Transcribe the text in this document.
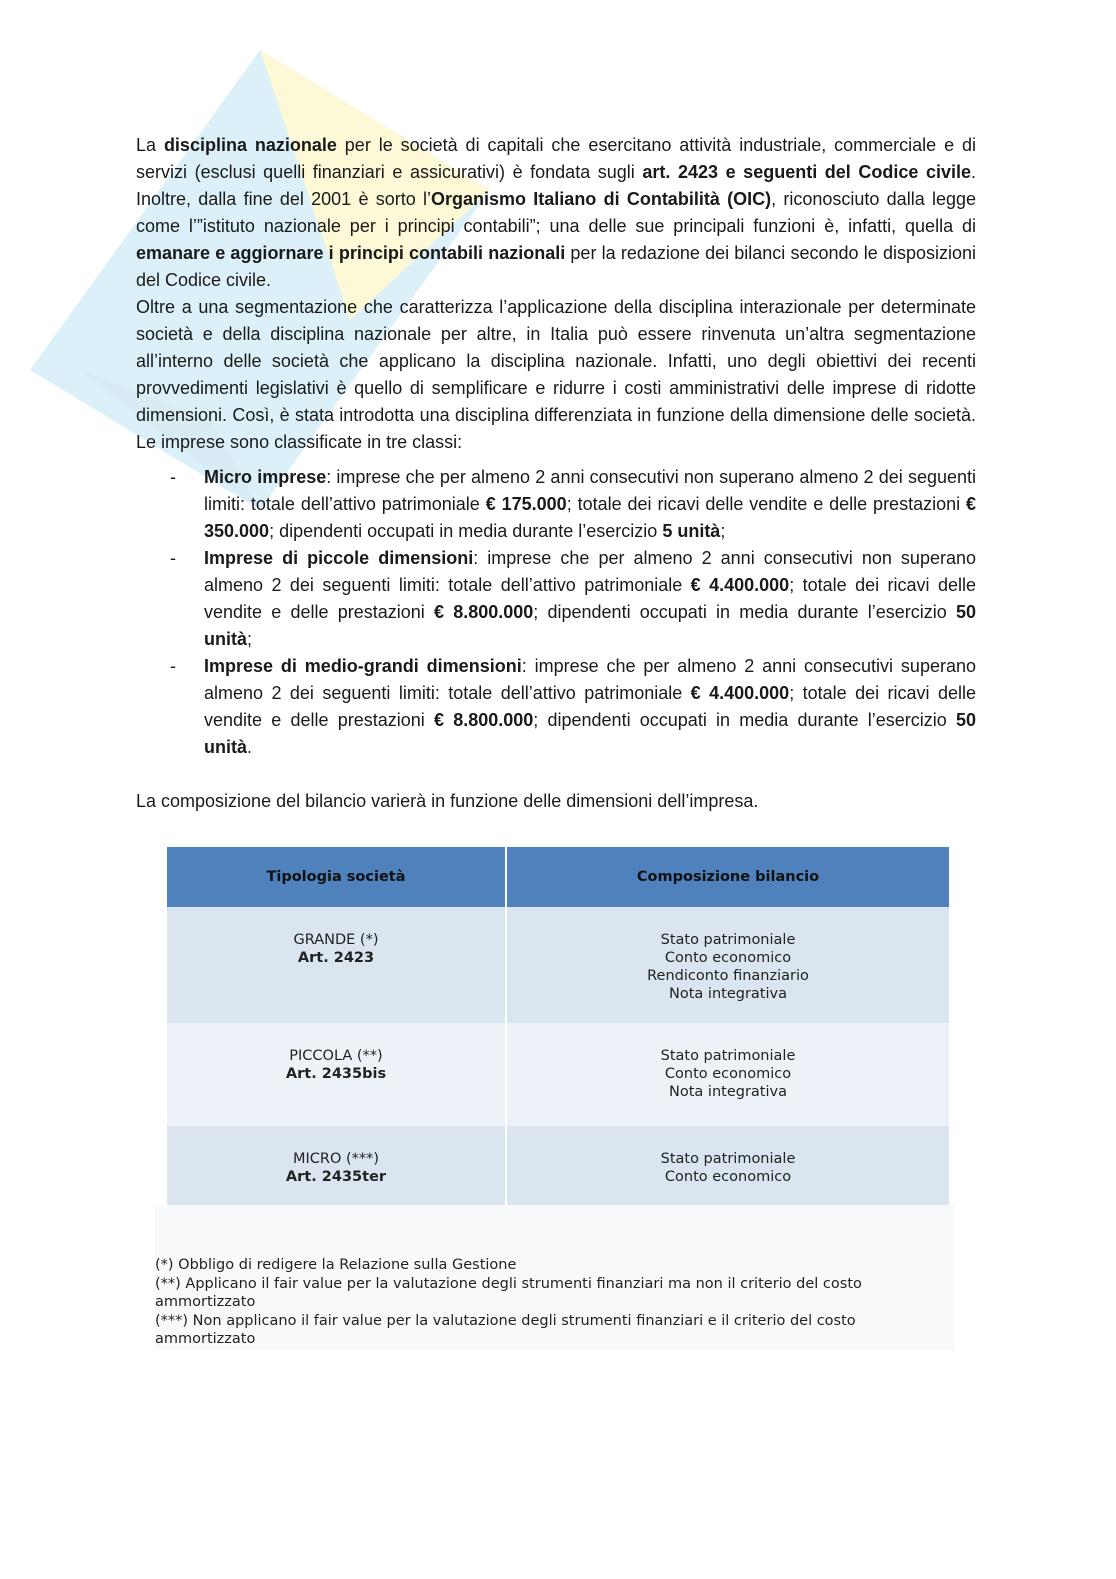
La disciplina nazionale per le società di capitali che esercitano attività industriale, commerciale e di servizi (esclusi quelli finanziari e assicurativi) è fondata sugli art. 2423 e seguenti del Codice civile. Inoltre, dalla fine del 2001 è sorto l’Organismo Italiano di Contabilità (OIC), riconosciuto dalla legge come l’”istituto nazionale per i principi contabili”; una delle sue principali funzioni è, infatti, quella di emanare e aggiornare i principi contabili nazionali per la redazione dei bilanci secondo le disposizioni del Codice civile.

Oltre a una segmentazione che caratterizza l’applicazione della disciplina interazionale per determinate società e della disciplina nazionale per altre, in Italia può essere rinvenuta un’altra segmentazione all’interno delle società che applicano la disciplina nazionale. Infatti, uno degli obiettivi dei recenti provvedimenti legislativi è quello di semplificare e ridurre i costi amministrativi delle imprese di ridotte dimensioni. Così, è stata introdotta una disciplina differenziata in funzione della dimensione delle società. Le imprese sono classificate in tre classi:

- Micro imprese: imprese che per almeno 2 anni consecutivi non superano almeno 2 dei seguenti limiti: totale dell’attivo patrimoniale € 175.000; totale dei ricavi delle vendite e delle prestazioni € 350.000; dipendenti occupati in media durante l’esercizio 5 unità;
- Imprese di piccole dimensioni: imprese che per almeno 2 anni consecutivi non superano almeno 2 dei seguenti limiti: totale dell’attivo patrimoniale € 4.400.000; totale dei ricavi delle vendite e delle prestazioni € 8.800.000; dipendenti occupati in media durante l’esercizio 50 unità;
- Imprese di medio-grandi dimensioni: imprese che per almeno 2 anni consecutivi superano almeno 2 dei seguenti limiti: totale dell’attivo patrimoniale € 4.400.000; totale dei ricavi delle vendite e delle prestazioni € 8.800.000; dipendenti occupati in media durante l’esercizio 50 unità.

La composizione del bilancio varierà in funzione delle dimensioni dell’impresa.

Tipologia società	Composizione bilancio

GRANDE (*)
Art. 2423	Stato patrimoniale
Conto economico
Rendiconto finanziario
Nota integrativa

PICCOLA (**)
Art. 2435bis	Stato patrimoniale
Conto economico
Nota integrativa

MICRO (***)
Art. 2435ter	Stato patrimoniale
Conto economico

(*) Obbligo di redigere la Relazione sulla Gestione

(**) Applicano il fair value per la valutazione degli strumenti finanziari ma non il criterio del costo ammortizzato

(***) Non applicano il fair value per la valutazione degli strumenti finanziari e il criterio del costo ammortizzato
